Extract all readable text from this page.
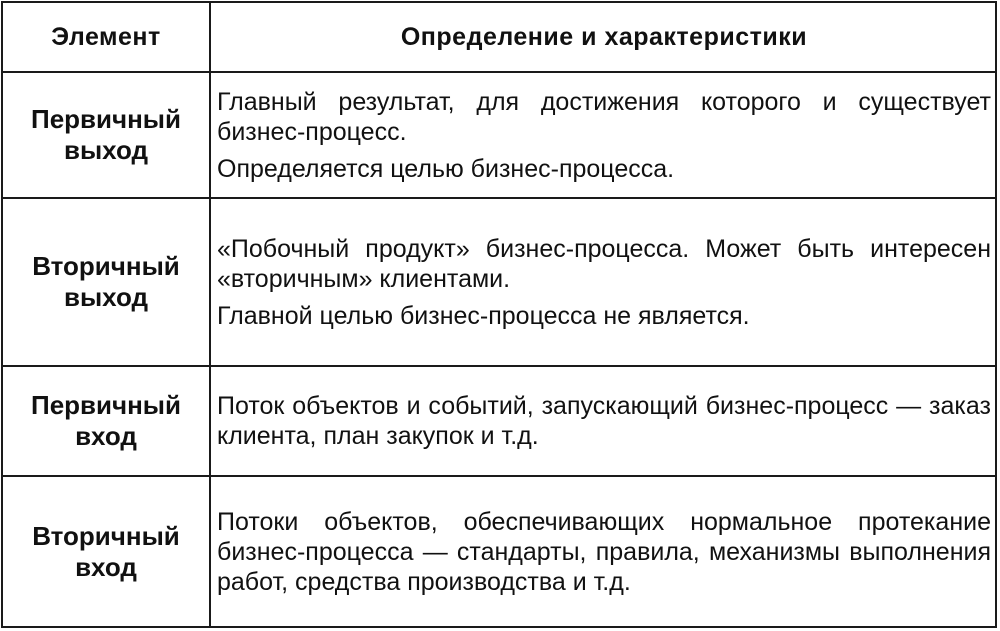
Элемент	Определение и характеристики
Первичный выход

Главный результат, для достижения которого и существует бизнес-процесс.

Определяется целью бизнес-процесса.

Вторичный выход

«Побочный продукт» бизнес-процесса. Может быть интересен «вторичным» клиентами.

Главной целью бизнес-процесса не является.

Первичный вход

Поток объектов и событий, запускающий бизнес-процесс — заказ клиента, план закупок и т.д.

Вторичный вход

Потоки объектов, обеспечивающих нормальное протекание бизнес-процесса — стандарты, правила, механизмы выполнения работ, средства производства и т.д.
